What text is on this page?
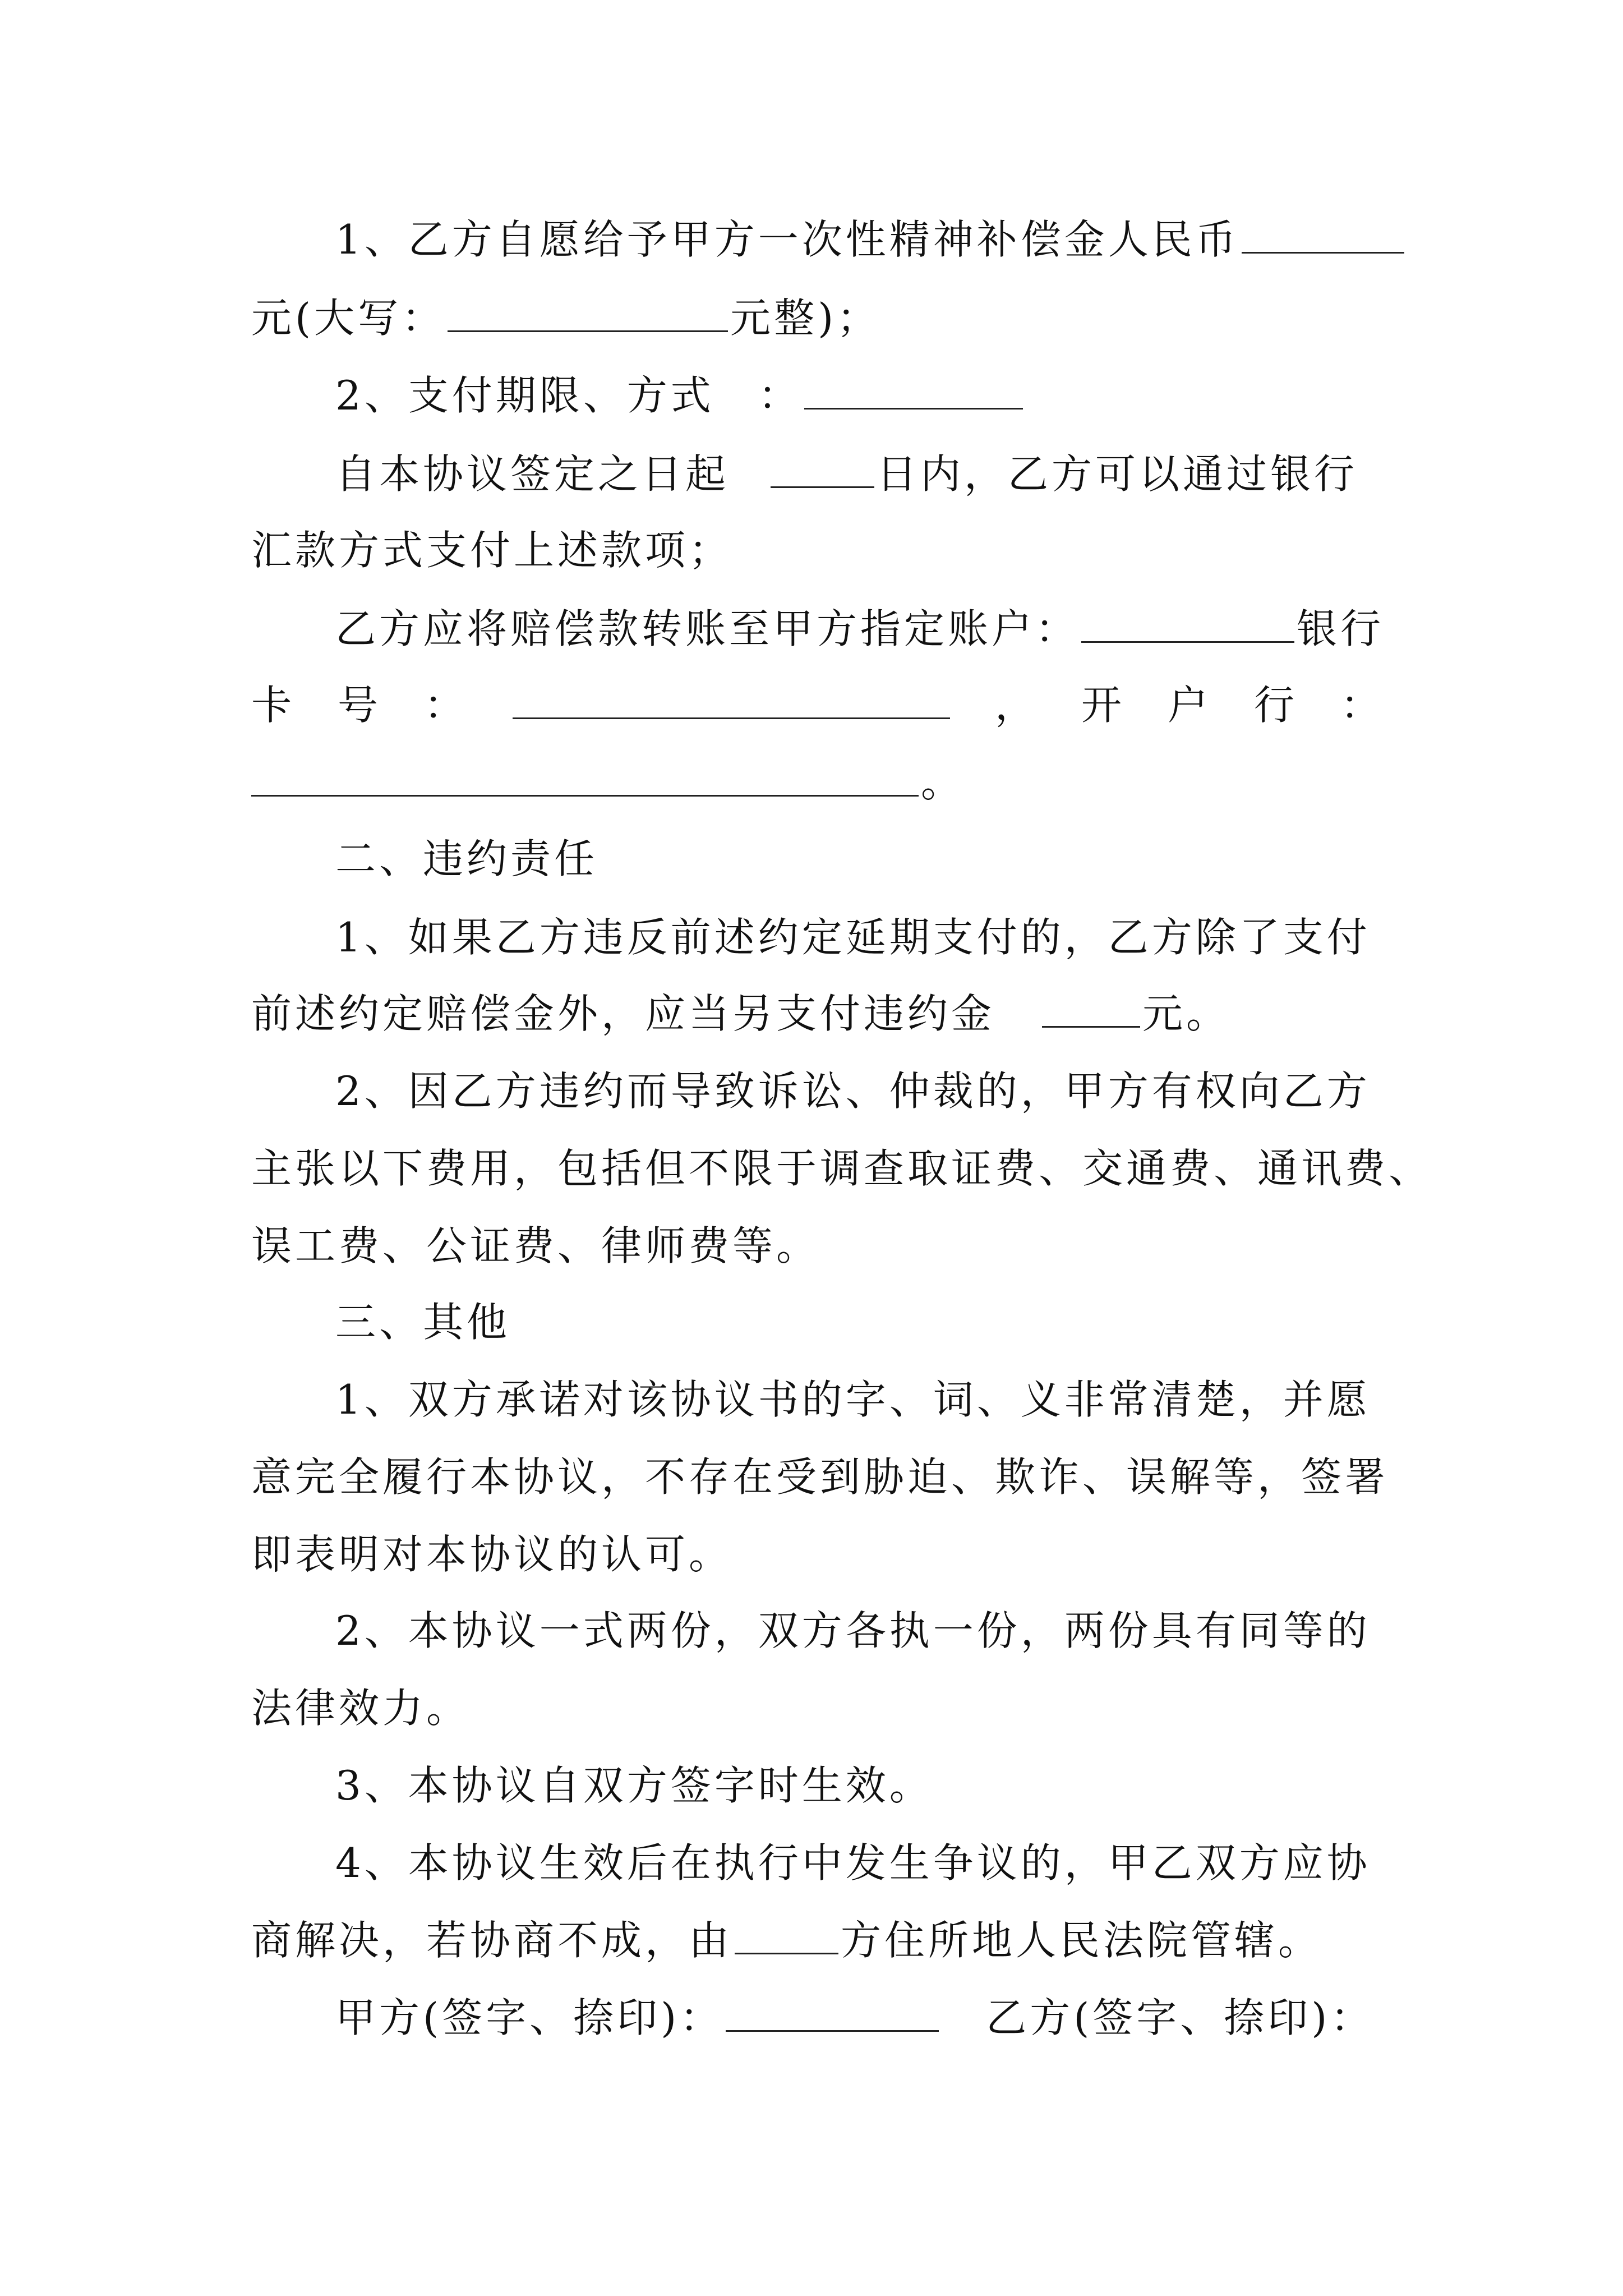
1、乙方自愿给予甲方一次性精神补偿金人民币
元(大写：	元整)；
2、支付期限、方式　：
自本协议签定之日起	日内，乙方可以通过银行
汇款方式支付上述款项；
乙方应将赔偿款转账至甲方指定账户：	银行
卡 号 ：	， 开 户 行 ：
。
二、违约责任
1、如果乙方违反前述约定延期支付的，乙方除了支付
前述约定赔偿金外，应当另支付违约金	元。
2、因乙方违约而导致诉讼、仲裁的，甲方有权向乙方
主张以下费用，包括但不限于调查取证费、交通费、通讯费、
误工费、公证费、律师费等。
三、其他
1、双方承诺对该协议书的字、词、义非常清楚，并愿
意完全履行本协议，不存在受到胁迫、欺诈、误解等，签署
即表明对本协议的认可。
2、本协议一式两份，双方各执一份，两份具有同等的
法律效力。
3、本协议自双方签字时生效。
4、本协议生效后在执行中发生争议的，甲乙双方应协
商解决，若协商不成，由	方住所地人民法院管辖。
甲方(签字、捺印)：	乙方(签字、捺印)：
